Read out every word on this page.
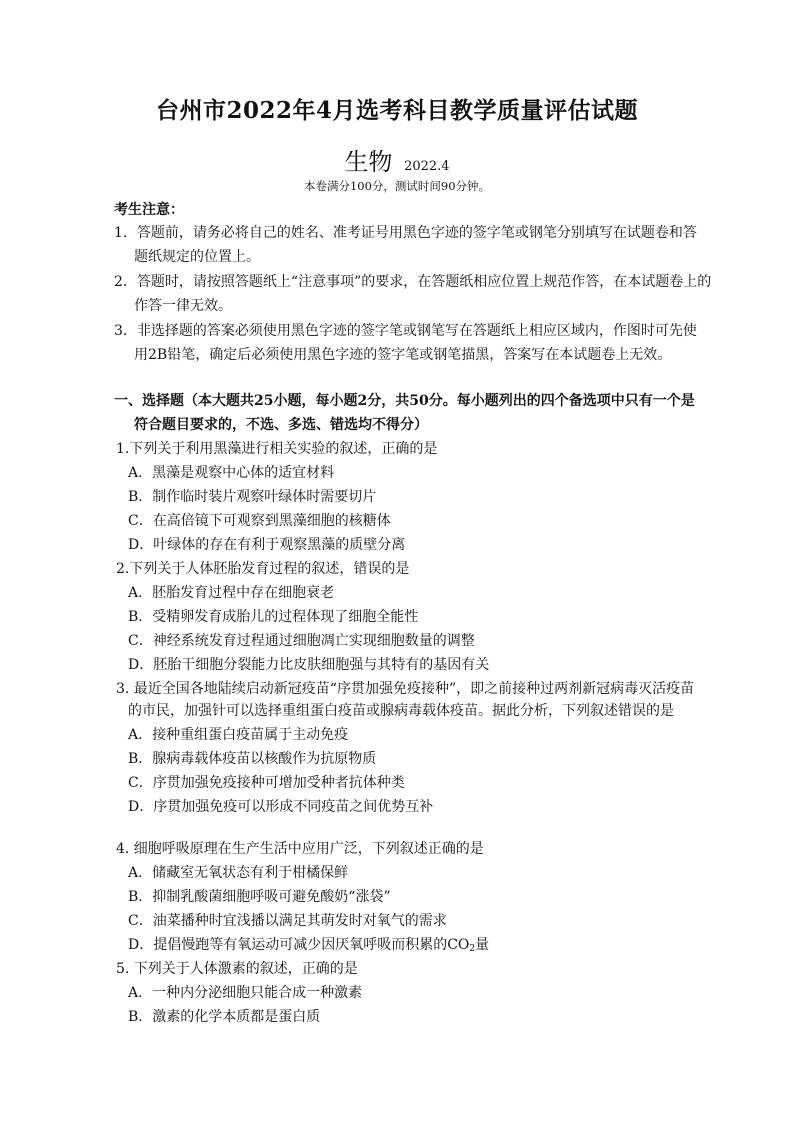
台州市2022年4月选考科目教学质量评估试题
生物 2022.4
本卷满分100分，测试时间90分钟。
考生注意：
1．答题前，请务必将自己的姓名、准考证号用黑色字迹的签字笔或钢笔分别填写在试题卷和答
题纸规定的位置上。
2．答题时，请按照答题纸上“注意事项”的要求，在答题纸相应位置上规范作答，在本试题卷上的
作答一律无效。
3．非选择题的答案必须使用黑色字迹的签字笔或钢笔写在答题纸上相应区域内，作图时可先使
用2B铅笔，确定后必须使用黑色字迹的签字笔或钢笔描黑，答案写在本试题卷上无效。
一、选择题（本大题共25小题，每小题2分，共50分。每小题列出的四个备选项中只有一个是
符合题目要求的，不选、多选、错选均不得分）
1.下列关于利用黑藻进行相关实验的叙述，正确的是
A．黑藻是观察中心体的适宜材料
B．制作临时装片观察叶绿体时需要切片
C．在高倍镜下可观察到黑藻细胞的核糖体
D．叶绿体的存在有利于观察黑藻的质壁分离
2.下列关于人体胚胎发育过程的叙述，错误的是
A．胚胎发育过程中存在细胞衰老
B．受精卵发育成胎儿的过程体现了细胞全能性
C．神经系统发育过程通过细胞凋亡实现细胞数量的调整
D．胚胎干细胞分裂能力比皮肤细胞强与其特有的基因有关
3. 最近全国各地陆续启动新冠疫苗“序贯加强免疫接种”，即之前接种过两剂新冠病毒灭活疫苗
的市民，加强针可以选择重组蛋白疫苗或腺病毒载体疫苗。据此分析，下列叙述错误的是
A．接种重组蛋白疫苗属于主动免疫
B．腺病毒载体疫苗以核酸作为抗原物质
C．序贯加强免疫接种可增加受种者抗体种类
D．序贯加强免疫可以形成不同疫苗之间优势互补
4. 细胞呼吸原理在生产生活中应用广泛，下列叙述正确的是
A．储藏室无氧状态有利于柑橘保鲜
B．抑制乳酸菌细胞呼吸可避免酸奶“涨袋”
C．油菜播种时宜浅播以满足其萌发时对氧气的需求
D．提倡慢跑等有氧运动可减少因厌氧呼吸而积累的$CO_2$量
5. 下列关于人体激素的叙述，正确的是
A．一种内分泌细胞只能合成一种激素
B．激素的化学本质都是蛋白质
